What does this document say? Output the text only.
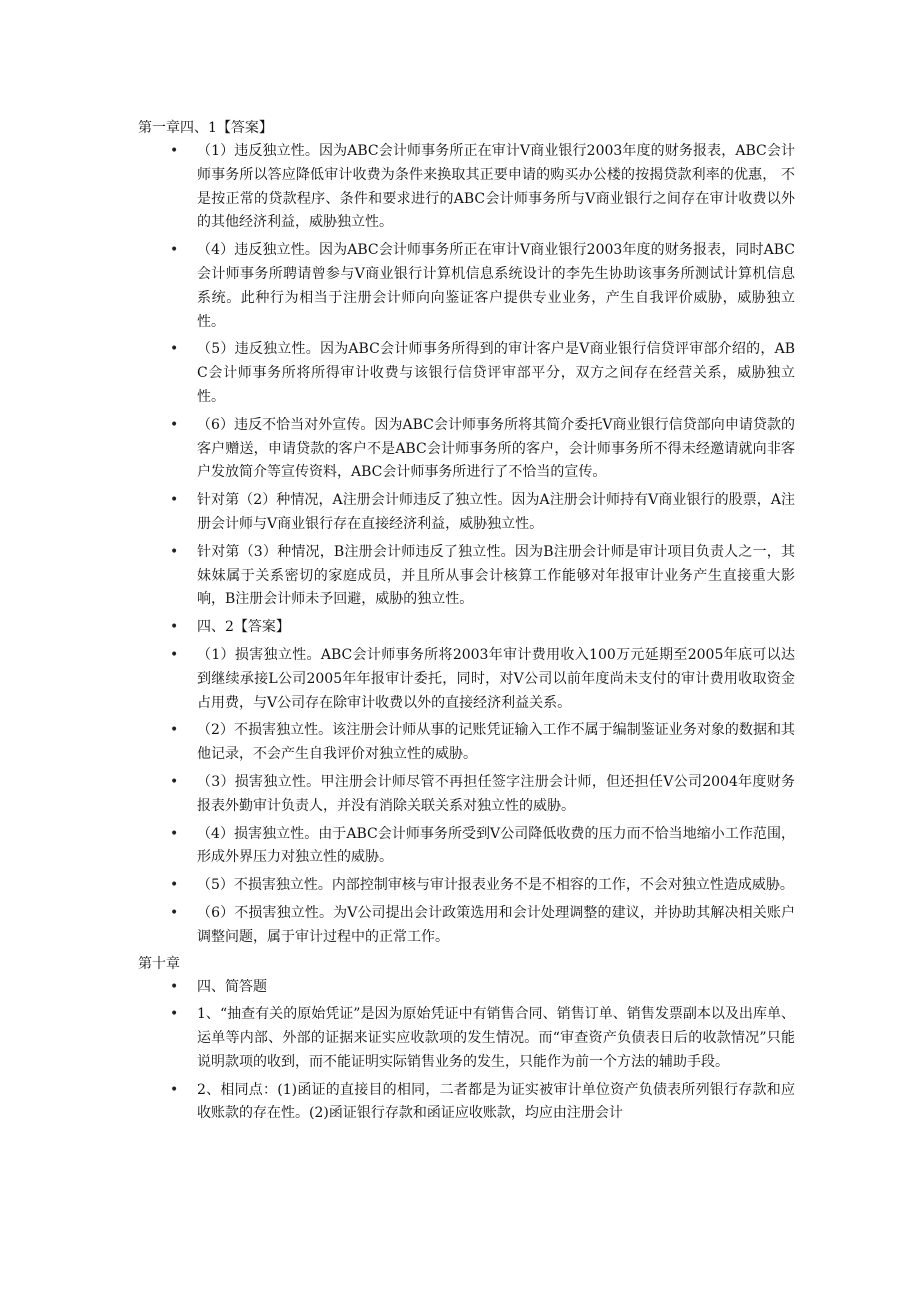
第一章四、1【答案】

• （1）违反独立性。因为ABC会计师事务所正在审计V商业银行2003年度的财务报表，ABC会计师事务所以答应降低审计收费为条件来换取其正要申请的购买办公楼的按揭贷款利率的优惠， 不是按正常的贷款程序、条件和要求进行的ABC会计师事务所与V商业银行之间存在审计收费以外的其他经济利益，威胁独立性。
• （4）违反独立性。因为ABC会计师事务所正在审计V商业银行2003年度的财务报表，同时ABC会计师事务所聘请曾参与V商业银行计算机信息系统设计的李先生协助该事务所测试计算机信息系统。此种行为相当于注册会计师向向鉴证客户提供专业业务，产生自我评价威胁，威胁独立性。
• （5）违反独立性。因为ABC会计师事务所得到的审计客户是V商业银行信贷评审部介绍的，ABC会计师事务所将所得审计收费与该银行信贷评审部平分，双方之间存在经营关系，威胁独立性。
• （6）违反不恰当对外宣传。因为ABC会计师事务所将其简介委托V商业银行信贷部向申请贷款的客户赠送，申请贷款的客户不是ABC会计师事务所的客户，会计师事务所不得未经邀请就向非客户发放简介等宣传资料，ABC会计师事务所进行了不恰当的宣传。
• 针对第（2）种情况，A注册会计师违反了独立性。因为A注册会计师持有V商业银行的股票，A注册会计师与V商业银行存在直接经济利益，威胁独立性。
• 针对第（3）种情况，B注册会计师违反了独立性。因为B注册会计师是审计项目负责人之一，其妹妹属于关系密切的家庭成员，并且所从事会计核算工作能够对年报审计业务产生直接重大影响，B注册会计师未予回避，威胁的独立性。
• 四、2【答案】
• （1）损害独立性。ABC会计师事务所将2003年审计费用收入100万元延期至2005年底可以达到继续承接L公司2005年年报审计委托，同时，对V公司以前年度尚未支付的审计费用收取资金占用费，与V公司存在除审计收费以外的直接经济利益关系。
• （2）不损害独立性。该注册会计师从事的记账凭证输入工作不属于编制鉴证业务对象的数据和其他记录，不会产生自我评价对独立性的威胁。
• （3）损害独立性。甲注册会计师尽管不再担任签字注册会计师，但还担任V公司2004年度财务报表外勤审计负责人，并没有消除关联关系对独立性的威胁。
• （4）损害独立性。由于ABC会计师事务所受到V公司降低收费的压力而不恰当地缩小工作范围，形成外界压力对独立性的威胁。
• （5）不损害独立性。内部控制审核与审计报表业务不是不相容的工作，不会对独立性造成威胁。
• （6）不损害独立性。为V公司提出会计政策选用和会计处理调整的建议，并协助其解决相关账户调整问题，属于审计过程中的正常工作。

第十章

• 四、简答题
• 1、“抽查有关的原始凭证”是因为原始凭证中有销售合同、销售订单、销售发票副本以及出库单、运单等内部、外部的证据来证实应收款项的发生情况。而“审查资产负债表日后的收款情况”只能说明款项的收到，而不能证明实际销售业务的发生，只能作为前一个方法的辅助手段。
• 2、相同点：(1)函证的直接目的相同，二者都是为证实被审计单位资产负债表所列银行存款和应收账款的存在性。(2)函证银行存款和函证应收账款，均应由注册会计
